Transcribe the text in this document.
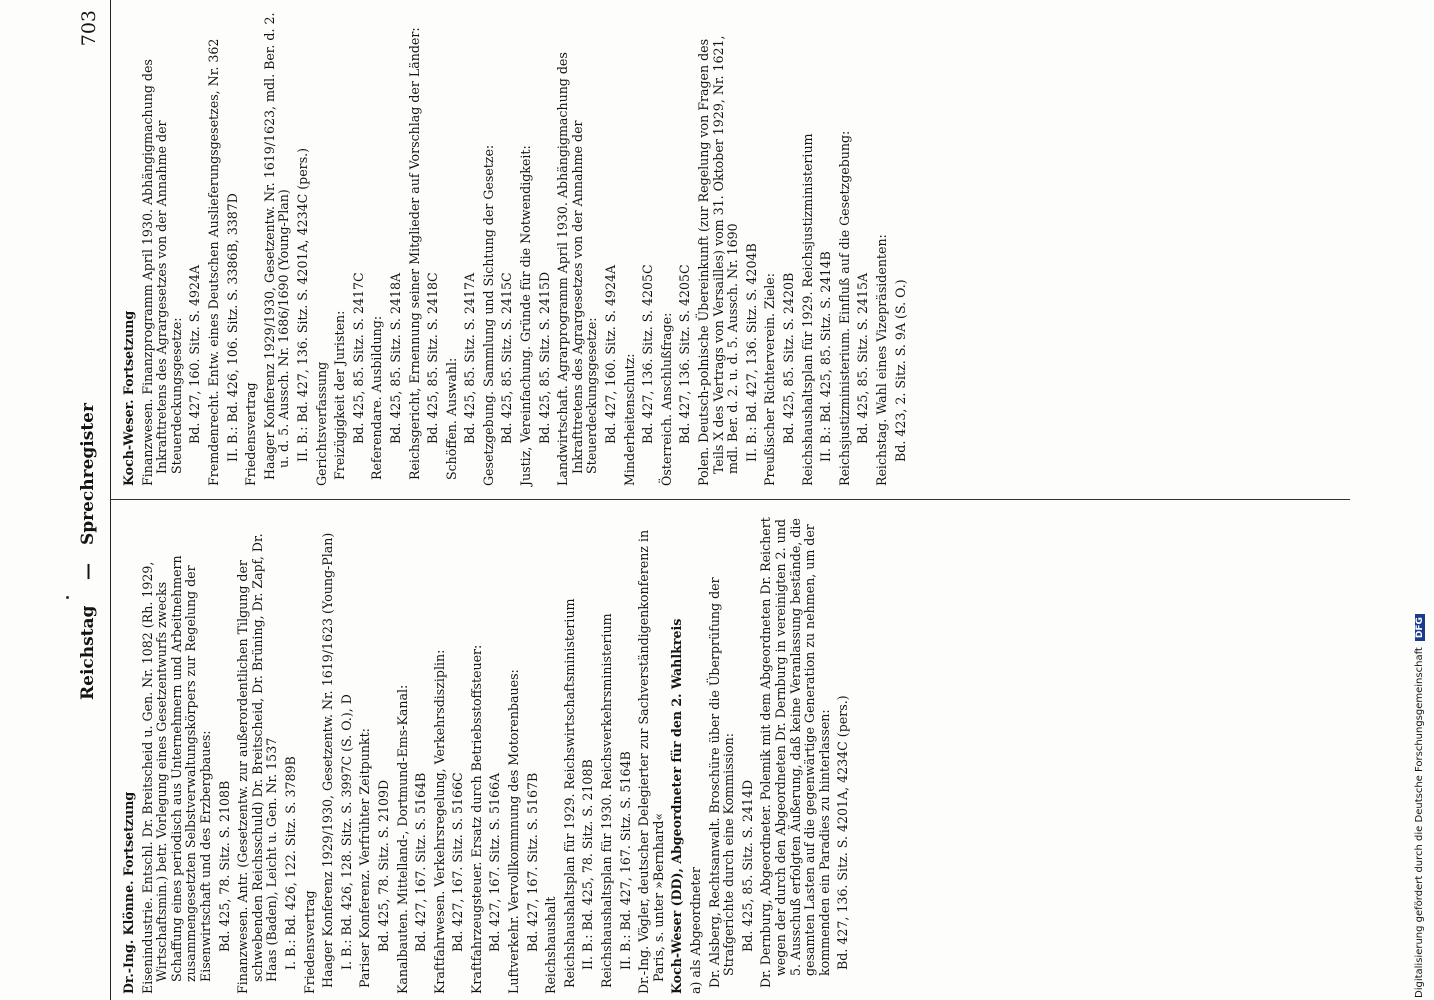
Reichstag
—
Sprechregister
703
Dr.-Ing. Klönne. Fortsetzung Eisenindustrie. Entschl. Dr. Breitscheid u. Gen. Nr. 1082 (Rh. 1929, Wirtschaftsmin.) betr. Vorlegung eines Gesetzentwurfs zwecks Schaffung eines periodisch aus Unternehmern und Arbeitnehmern zusammengesetzten Selbstverwaltungskörpers zur Regelung der Eisenwirtschaft und des Erzbergbaues: Bd. 425, 78. Sitz. S. 2108B Finanzwesen. Antr. (Gesetzentw. zur außerordentlichen Tilgung der schwebenden Reichsschuld) Dr. Breitscheid, Dr. Brüning, Dr. Zapf, Dr. Haas (Baden), Leicht u. Gen. Nr. 1537 I. B.: Bd. 426, 122. Sitz. S. 3789B Friedensvertrag Haager Konferenz 1929/1930, Gesetzentw. Nr. 1619/1623 (Young-Plan) I. B.: Bd. 426, 128. Sitz. S. 3997C (S. O.), D Pariser Konferenz. Verfrühter Zeitpunkt: Bd. 425, 78. Sitz. S. 2109D Kanalbauten. Mittelland-, Dortmund-Ems-Kanal: Bd. 427, 167. Sitz. S. 5164B Kraftfahrwesen. Verkehrsregelung, Verkehrsdisziplin: Bd. 427, 167. Sitz. S. 5166C Kraftfahrzeugsteuer. Ersatz durch Betriebsstoffsteuer: Bd. 427, 167. Sitz. S. 5166A Luftverkehr. Vervollkommnung des Motorenbaues: Bd. 427, 167. Sitz. S. 5167B Reichshaushalt Reichshaushaltsplan für 1929. Reichswirtschaftsministerium II. B.: Bd. 425, 78. Sitz. S. 2108B Reichshaushaltsplan für 1930. Reichsverkehrsministerium II. B.: Bd. 427, 167. Sitz. S. 5164B Dr.-Ing. Vögler, deutscher Delegierter zur Sachverständigenkonferenz in Paris, s. unter »Bernhard« Koch-Weser (DD), Abgeordneter für den 2. Wahlkreis a) als Abgeordneter Dr. Alsberg, Rechtsanwalt. Broschüre über die Überprüfung der Strafgerichte durch eine Kommission: Bd. 425, 85. Sitz. S. 2414D Dr. Dernburg, Abgeordneter. Polemik mit dem Abgeordneten Dr. Reichert wegen der durch den Abgeordneten Dr. Dernburg in vereinigten 2. und 5. Ausschuß erfolgten Äußerung, daß keine Veranlassung bestände, die gesamten Lasten auf die gegenwärtige Generation zu nehmen, um der kommenden ein Paradies zu hinterlassen: Bd. 427, 136. Sitz. S. 4201A, 4234C (pers.)
Koch-Weser. Fortsetzung Finanzwesen. Finanzprogramm April 1930. Abhängigmachung des Inkrafttretens des Agrargesetzes von der Annahme der Steuerdeckungsgesetze: Bd. 427, 160. Sitz. S. 4924A Fremdenrecht. Entw. eines Deutschen Auslieferungsgesetzes, Nr. 362 II. B.: Bd. 426, 106. Sitz. S. 3386B, 3387D Friedensvertrag Haager Konferenz 1929/1930, Gesetzentw. Nr. 1619/1623, mdl. Ber. d. 2. u. d. 5. Aussch. Nr. 1686/1690 (Young-Plan) II. B.: Bd. 427, 136. Sitz. S. 4201A, 4234C (pers.) Gerichtsverfassung Freizügigkeit der Juristen: Bd. 425, 85. Sitz. S. 2417C Referendare. Ausbildung: Bd. 425, 85. Sitz. S. 2418A Reichsgericht, Ernennung seiner Mitglieder auf Vorschlag der Länder: Bd. 425, 85. Sitz. S. 2418C Schöffen. Auswahl: Bd. 425, 85. Sitz. S. 2417A Gesetzgebung. Sammlung und Sichtung der Gesetze: Bd. 425, 85. Sitz. S. 2415C Justiz, Vereinfachung. Gründe für die Notwendigkeit: Bd. 425, 85. Sitz. S. 2415D Landwirtschaft. Agrarprogramm April 1930. Abhängigmachung des Inkrafttretens des Agrargesetzes von der Annahme der Steuerdeckungsgesetze: Bd. 427, 160. Sitz. S. 4924A Minderheitenschutz: Bd. 427, 136. Sitz. S. 4205C Österreich. Anschlußfrage: Bd. 427, 136. Sitz. S. 4205C Polen. Deutsch-polnische Übereinkunft (zur Regelung von Fragen des Teils X des Vertrags von Versailles) vom 31. Oktober 1929, Nr. 1621, mdl. Ber. d. 2. u. d. 5. Aussch. Nr. 1690 II. B.: Bd. 427, 136. Sitz. S. 4204B Preußischer Richterverein. Ziele: Bd. 425, 85. Sitz. S. 2420B Reichshaushaltsplan für 1929. Reichsjustizministerium II. B.: Bd. 425, 85. Sitz. S. 2414B Reichsjustizministerium. Einfluß auf die Gesetzgebung: Bd. 425, 85. Sitz. S. 2415A Reichstag. Wahl eines Vizepräsidenten: Bd. 423, 2. Sitz. S. 9A (S. O.)
Digitalisierung gefördert durch die Deutsche ForschungsgemeinschaftDFG
